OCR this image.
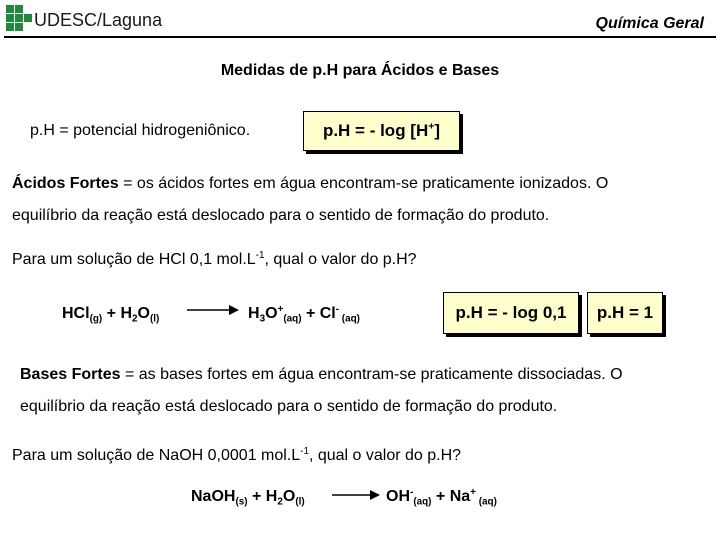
UDESC/Laguna	Química Geral
Medidas de p.H para Ácidos e Bases
p.H = potencial hidrogeniônico.	p.H = - log [H+]
Ácidos Fortes = os ácidos fortes em água encontram-se praticamente ionizados. O
equilíbrio da reação está deslocado para o sentido de formação do produto.
Para um solução de HCl 0,1 $mol.L^{-1}$, qual o valor do p.H?
$HCl_{(g)} + H_2O_{(l)} \to H_3O^+_{(aq)} + Cl^-$ $_{(aq)}$	p.H = - log 0,1	p.H = 1
Bases Fortes = as bases fortes em água encontram-se praticamente dissociadas. O
equilíbrio da reação está deslocado para o sentido de formação do produto.
Para um solução de NaOH 0,0001 $mol.L^{-1}$, qual o valor do p.H?
NaOH$_{(s)}$ + $H_2O_{(l)} \to OH^-_{(aq)} + Na^+$ $_{(aq)}$
